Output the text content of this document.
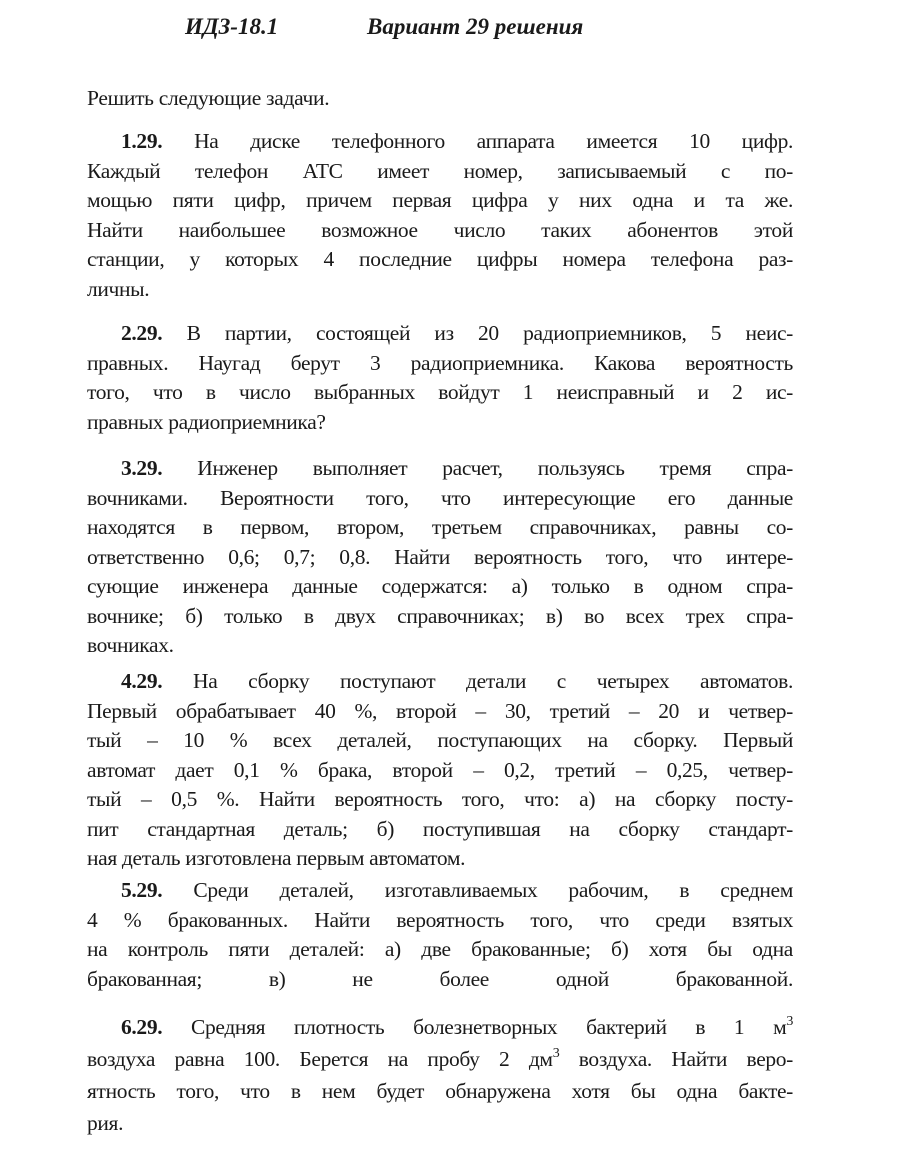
ИДЗ-18.1	Вариант 29 решения
Решить следующие задачи.
1.29. На диске телефонного аппарата имеется 10 цифр.
Каждый телефон АТС имеет номер, записываемый с по-
мощью пяти цифр, причем первая цифра у них одна и та же.
Найти наибольшее возможное число таких абонентов этой
станции, у которых 4 последние цифры номера телефона раз-
личны.
2.29. В партии, состоящей из 20 радиоприемников, 5 неис-
правных. Наугад берут 3 радиоприемника. Какова вероятность
того, что в число выбранных войдут 1 неисправный и 2 ис-
правных радиоприемника?
3.29. Инженер выполняет расчет, пользуясь тремя спра-
вочниками. Вероятности того, что интересующие его данные
находятся в первом, втором, третьем справочниках, равны со-
ответственно 0,6; 0,7; 0,8. Найти вероятность того, что интере-
сующие инженера данные содержатся: а) только в одном спра-
вочнике; б) только в двух справочниках; в) во всех трех спра-
вочниках.
4.29. На сборку поступают детали с четырех автоматов.
Первый обрабатывает 40 %, второй – 30, третий – 20 и четвер-
тый – 10 % всех деталей, поступающих на сборку. Первый
автомат дает 0,1 % брака, второй – 0,2, третий – 0,25, четвер-
тый – 0,5 %. Найти вероятность того, что: а) на сборку посту-
пит стандартная деталь; б) поступившая на сборку стандарт-
ная деталь изготовлена первым автоматом.
5.29. Среди деталей, изготавливаемых рабочим, в среднем
4 % бракованных. Найти вероятность того, что среди взятых
на контроль пяти деталей: а) две бракованные; б) хотя бы одна
бракованная; в) не более одной бракованной.
6.29. Средняя плотность болезнетворных бактерий в 1 $м^3$
воздуха равна 100. Берется на пробу 2 $дм^3$ воздуха. Найти веро-
ятность того, что в нем будет обнаружена хотя бы одна бакте-
рия.
